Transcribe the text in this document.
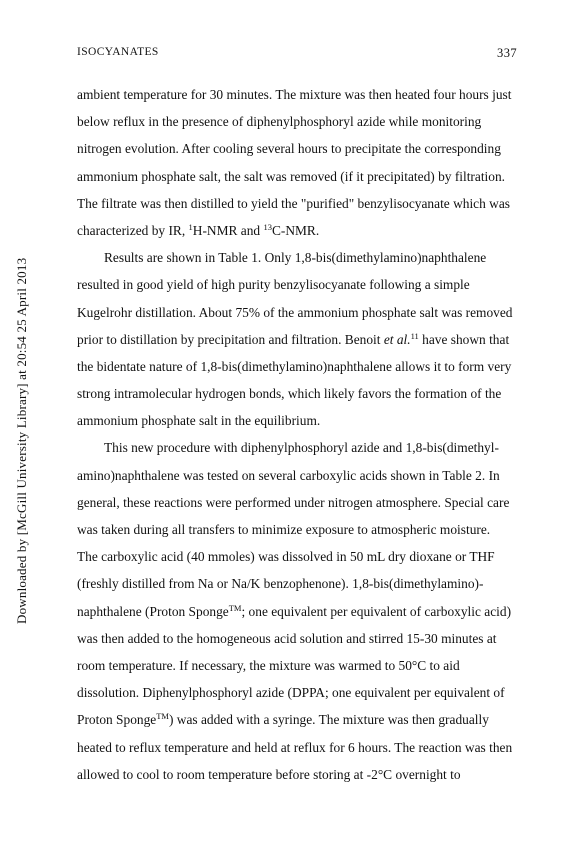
ISOCYANATES	337
Downloaded by [McGill University Library] at 20:54 25 April 2013
ambient temperature for 30 minutes. The mixture was then heated four hours just
below reflux in the presence of diphenylphosphoryl azide while monitoring
nitrogen evolution. After cooling several hours to precipitate the corresponding
ammonium phosphate salt, the salt was removed (if it precipitated) by filtration.
The filtrate was then distilled to yield the "purified" benzylisocyanate which was
characterized by IR, $^1$H-NMR and $^{13}$C-NMR.
Results are shown in Table 1. Only 1,8-bis(dimethylamino)naphthalene
resulted in good yield of high purity benzylisocyanate following a simple
Kugelrohr distillation. About 75% of the ammonium phosphate salt was removed
prior to distillation by precipitation and filtration. Benoit et al.$^{11}$ have shown that
the bidentate nature of 1,8-bis(dimethylamino)naphthalene allows it to form very
strong intramolecular hydrogen bonds, which likely favors the formation of the
ammonium phosphate salt in the equilibrium.
This new procedure with diphenylphosphoryl azide and 1,8-bis(dimethyl-
amino)naphthalene was tested on several carboxylic acids shown in Table 2. In
general, these reactions were performed under nitrogen atmosphere. Special care
was taken during all transfers to minimize exposure to atmospheric moisture.
The carboxylic acid (40 mmoles) was dissolved in 50 mL dry dioxane or THF
(freshly distilled from Na or Na/K benzophenone). 1,8-bis(dimethylamino)-
naphthalene (Proton Sponge™; one equivalent per equivalent of carboxylic acid)
was then added to the homogeneous acid solution and stirred 15-30 minutes at
room temperature. If necessary, the mixture was warmed to 50°C to aid
dissolution. Diphenylphosphoryl azide (DPPA; one equivalent per equivalent of
Proton Sponge™) was added with a syringe. The mixture was then gradually
heated to reflux temperature and held at reflux for 6 hours. The reaction was then
allowed to cool to room temperature before storing at -2°C overnight to
